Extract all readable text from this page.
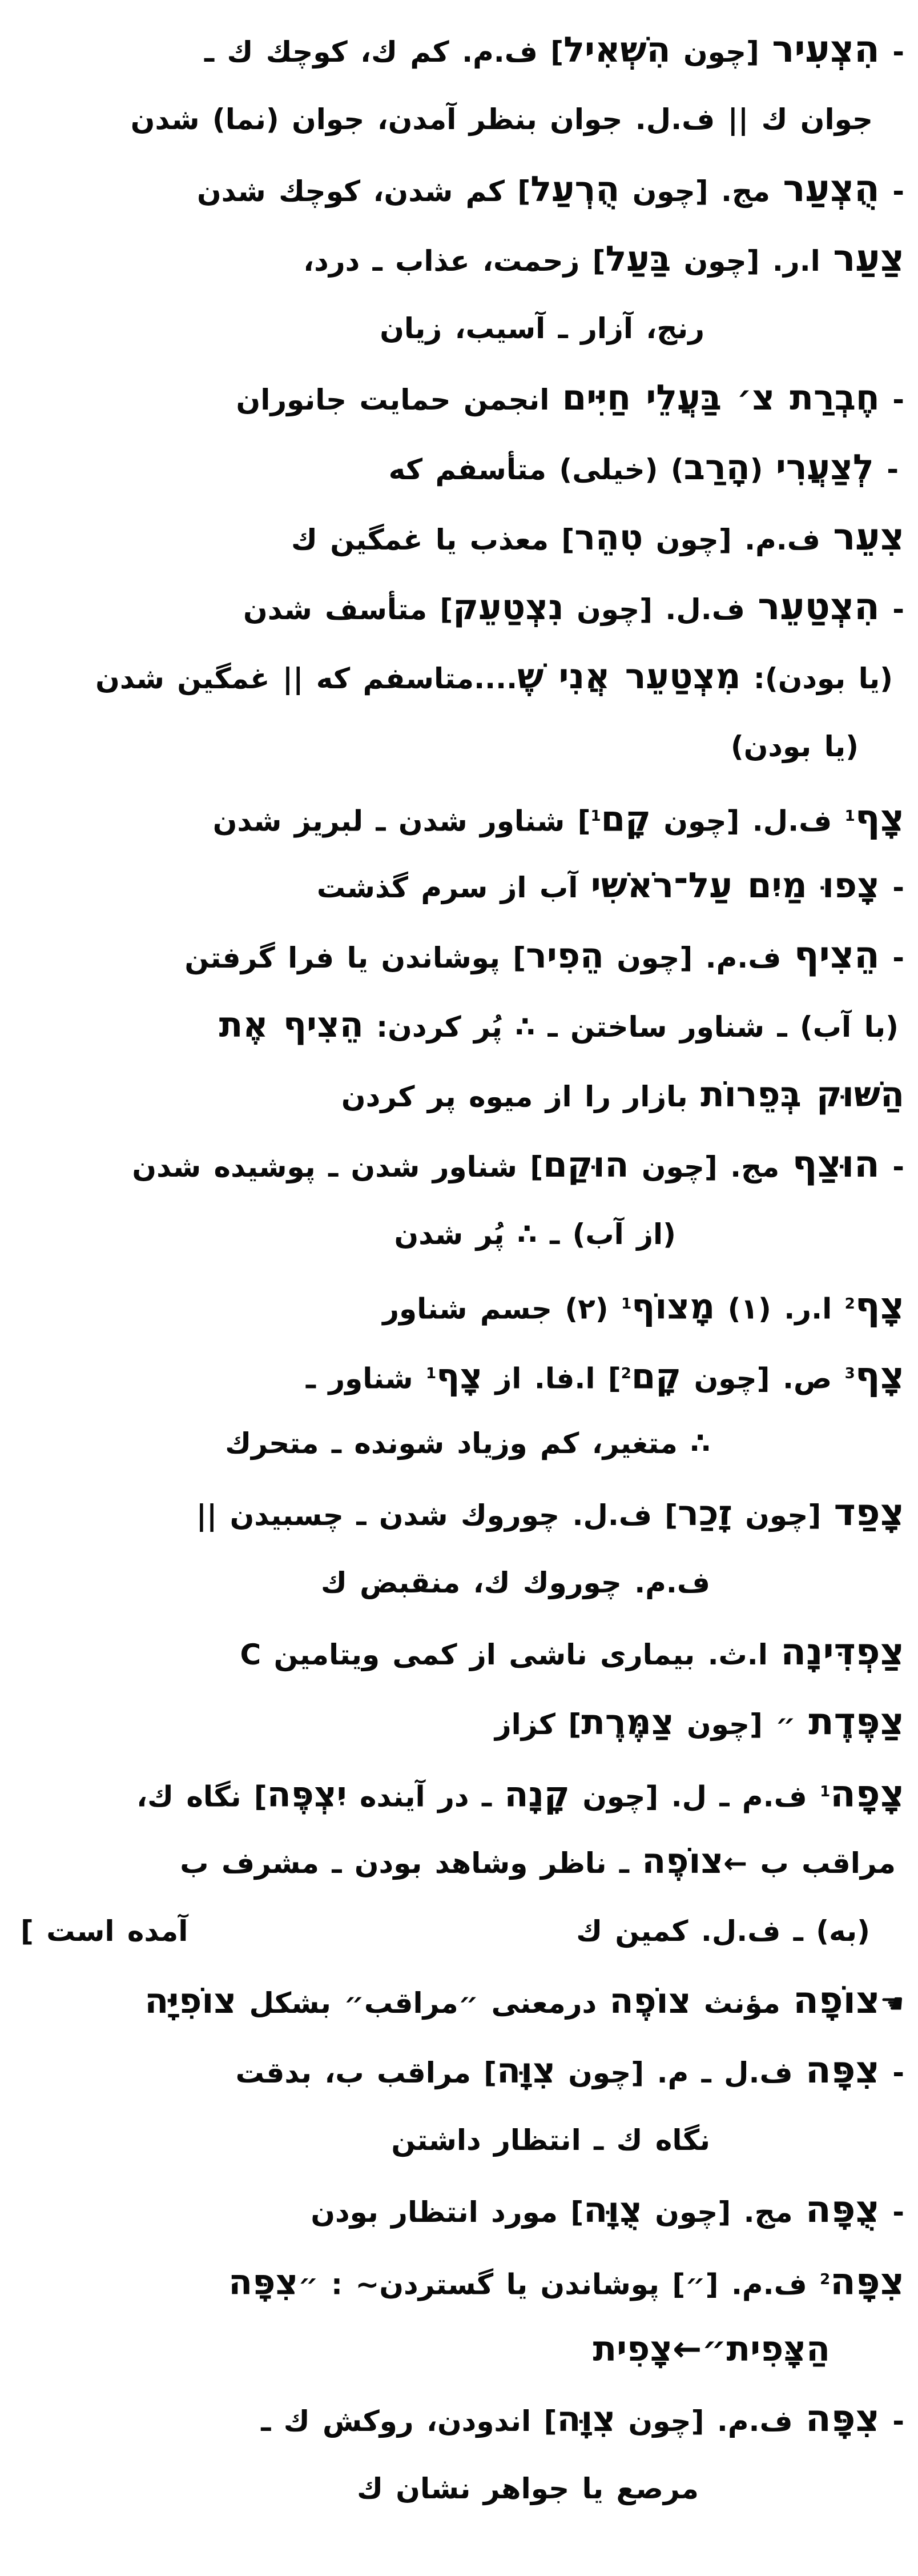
- הִצְעִיר [چون הִשְׁאִיל] ف.م. کم ك، کوچك ك ـ
جوان ك || ف.ل. جوان بنظر آمدن، جوان (نما) شدن
- הֻצְעַר مج. [چون הֻרְעַל] کم شدن، کوچك شدن
צַעַר ا.ر. [چون בַּעַל] زحمت، عذاب ـ درد،
رنج، آزار ـ آسیب، زیان
- חֶבְרַת צ׳ בַּעֲלֵי חַיִּים انجمن حمایت جانوران
- לְצַעֲרִי (הָרַב) (خیلی) متأسفم که
צִעֵר ف.م. [چون טִהֵר] معذب یا غمگین ك
- הִצְטַעֵר ف.ل. [چون נִצְטַעֵק] متأسف شدن
(یا بودن): מִצְטַעֵר אֲנִי שֶׁ....متاسفم که || غمگین شدن
(یا بودن)
צָף$^1$ ف.ل. [چون קָם$^1$] شناور شدن ـ لبریز شدن
- צָפוּ מַיִם עַל־רֹאשִׁי آب از سرم گذشت
- הֵצִיף ف.م. [چون הֵפִיר] پوشاندن یا فرا گرفتن
(با آب) ـ شناور ساختن ـ ∴ پُر کردن: הֵצִיף אֶת
הַשּׁוּק בְּפֵרוֹת بازار را از میوه پر کردن
- הוּצַף مج. [چون הוּקַם] شناور شدن ـ پوشیده شدن
(از آب) ـ ∴ پُر شدن
צָף$^2$ ا.ر. (۱) מָצוֹף$^1$ (۲) جسم شناور
צָף$^3$ ص. [چون קָם$^2$] ا.فا. از צָף$^1$ شناور ـ
∴ متغیر، کم وزیاد شونده ـ متحرك
צָפַד [چون זָכַר] ف.ل. چوروك شدن ـ چسبیدن ||
ف.م. چوروك ك، منقبض ك
צַפְדִּינָה ا.ث. بیماری ناشی از کمی ویتامین C
צַפֶּדֶת ״ [چون צַמֶּרֶת] کزاز
צָפָה$^1$ ف.م ـ ل. [چون קָנָה ـ در آینده יִצְפֶּה] نگاه ك،
مراقب ب ←צוֹפֶה ـ ناظر وشاهد بودن ـ مشرف ب
(به) ـ ف.ل. کمین ك
[ آمده است
☚צוֹפָה مؤنث צוֹפֶה درمعنی ״مراقب״ بشكل צוֹפִיָּה
- צִפָּה ف.ل ـ م. [چون צִוָּה] مراقب ب، بدقت
نگاه ك ـ انتظار داشتن
- צֻפָּה مج. [چون צֻוָּה] مورد انتظار بودن
צִפָּה$^2$ ف.م. [״] پوشاندن یا گستردن~ : ״צִפָּה
הַצָּפִית״←צָפִית
- צִפָּה ف.م. [چون צִוָּה] اندودن، روکش ك ـ
مرصع یا جواهر نشان ك
